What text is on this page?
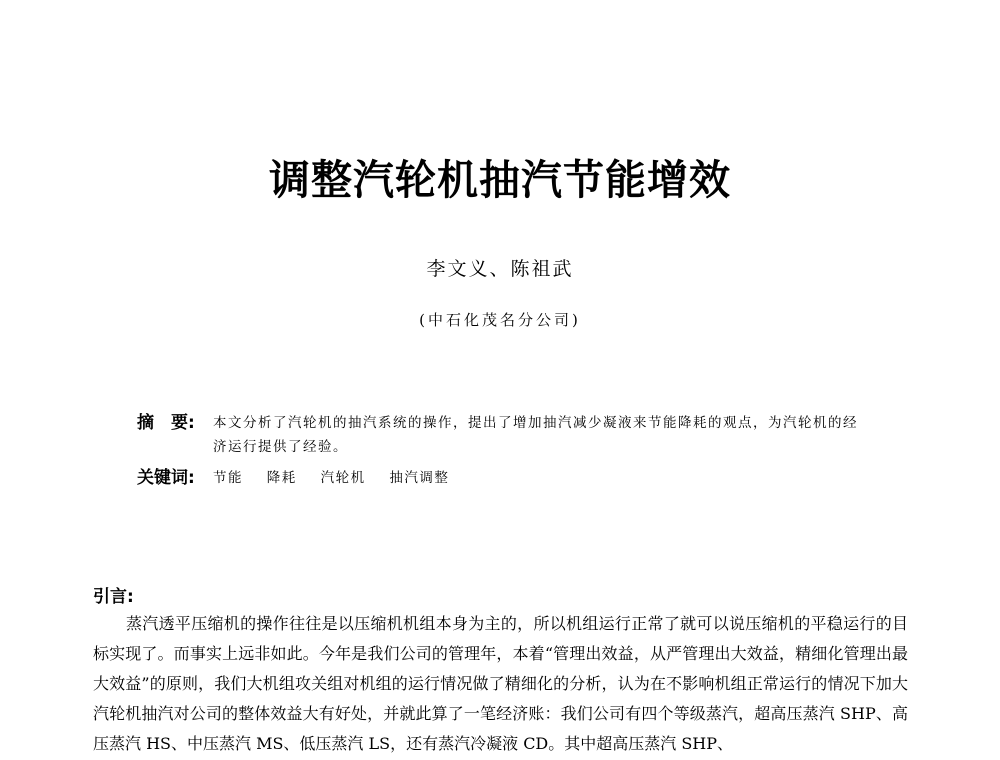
调整汽轮机抽汽节能增效
李文义、陈祖武
(中石化茂名分公司)
摘　要:	本文分析了汽轮机的抽汽系统的操作，提出了增加抽汽减少凝液来节能降耗的观点，为汽轮机的经济运行提供了经验。
关键词: 节能 降耗 汽轮机 抽汽调整
引言:
蒸汽透平压缩机的操作往往是以压缩机机组本身为主的，所以机组运行正常了就可以说压缩机的平稳运行的目标实现了。而事实上远非如此。今年是我们公司的管理年，本着“管理出效益，从严管理出大效益，精细化管理出最大效益”的原则，我们大机组攻关组对机组的运行情况做了精细化的分析，认为在不影响机组正常运行的情况下加大汽轮机抽汽对公司的整体效益大有好处，并就此算了一笔经济账：我们公司有四个等级蒸汽，超高压蒸汽 SHP、高压蒸汽 HS、中压蒸汽 MS、低压蒸汽 LS，还有蒸汽冷凝液 CD。其中超高压蒸汽 SHP、
